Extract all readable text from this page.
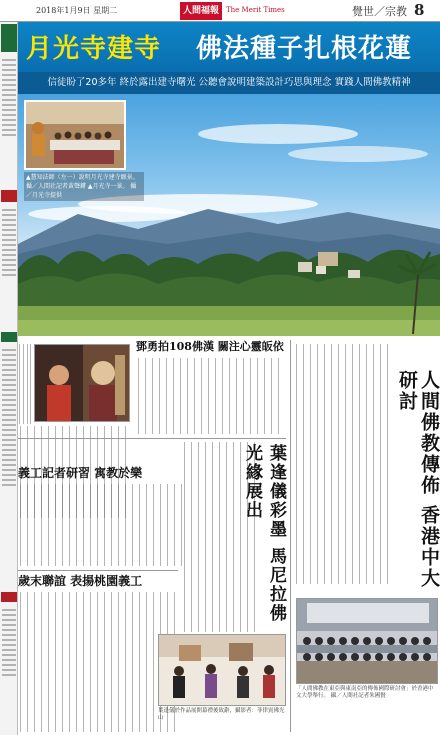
2018年1月9日 星期二	人間福報	The Merit Times	覺世／宗教 8
月光寺建寺 佛法種子扎根花蓮
信徒盼了20多年 終於露出建寺曙光 公聽會說明建築設計巧思與理念 實踐人間佛教精神
▲慧知法師（左一）說明月光寺建寺願景。 攝／人間社記者黃聲鏘 ▲月光寺一景。 攝／月光寺提供
鄧勇拍108佛漢 關注心靈皈依
義工記者研習 寓教於樂
歲末聯誼 表揚桃園義工	葉逢儀彩墨 馬尼拉佛光緣展出
葉逢儀於作品展開幕禮後致辭，攝影者：菲律賓佛光山
人間佛教傳佈 香港中大研討
「人間佛教在東亞與東南亞的傳佈國際研討會」於香港中文大學舉行。 攝／人間社記者朱國賢
